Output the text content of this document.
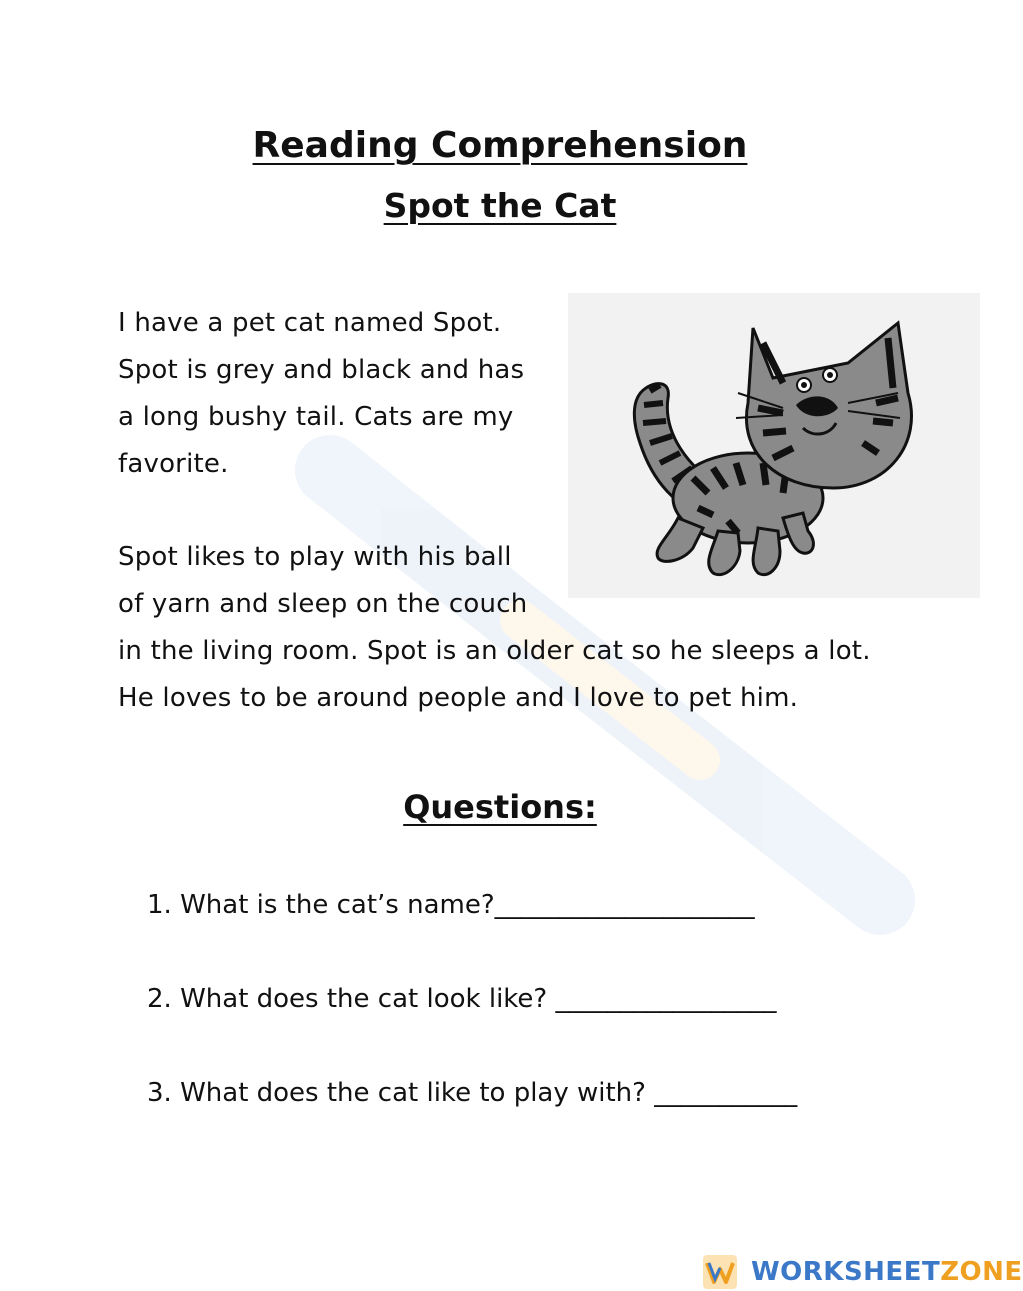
Reading Comprehension
Spot the Cat

I have a pet cat named Spot.
Spot is grey and black and has
a long bushy tail. Cats are my
favorite.

Spot likes to play with his ball
of yarn and sleep on the couch
in the living room. Spot is an older cat so he sleeps a lot.
He loves to be around people and I love to pet him.

Questions:
1. What is the cat’s name?____________________
2. What does the cat look like? _________________
3. What does the cat like to play with? ___________
WORKSHEETZONE
